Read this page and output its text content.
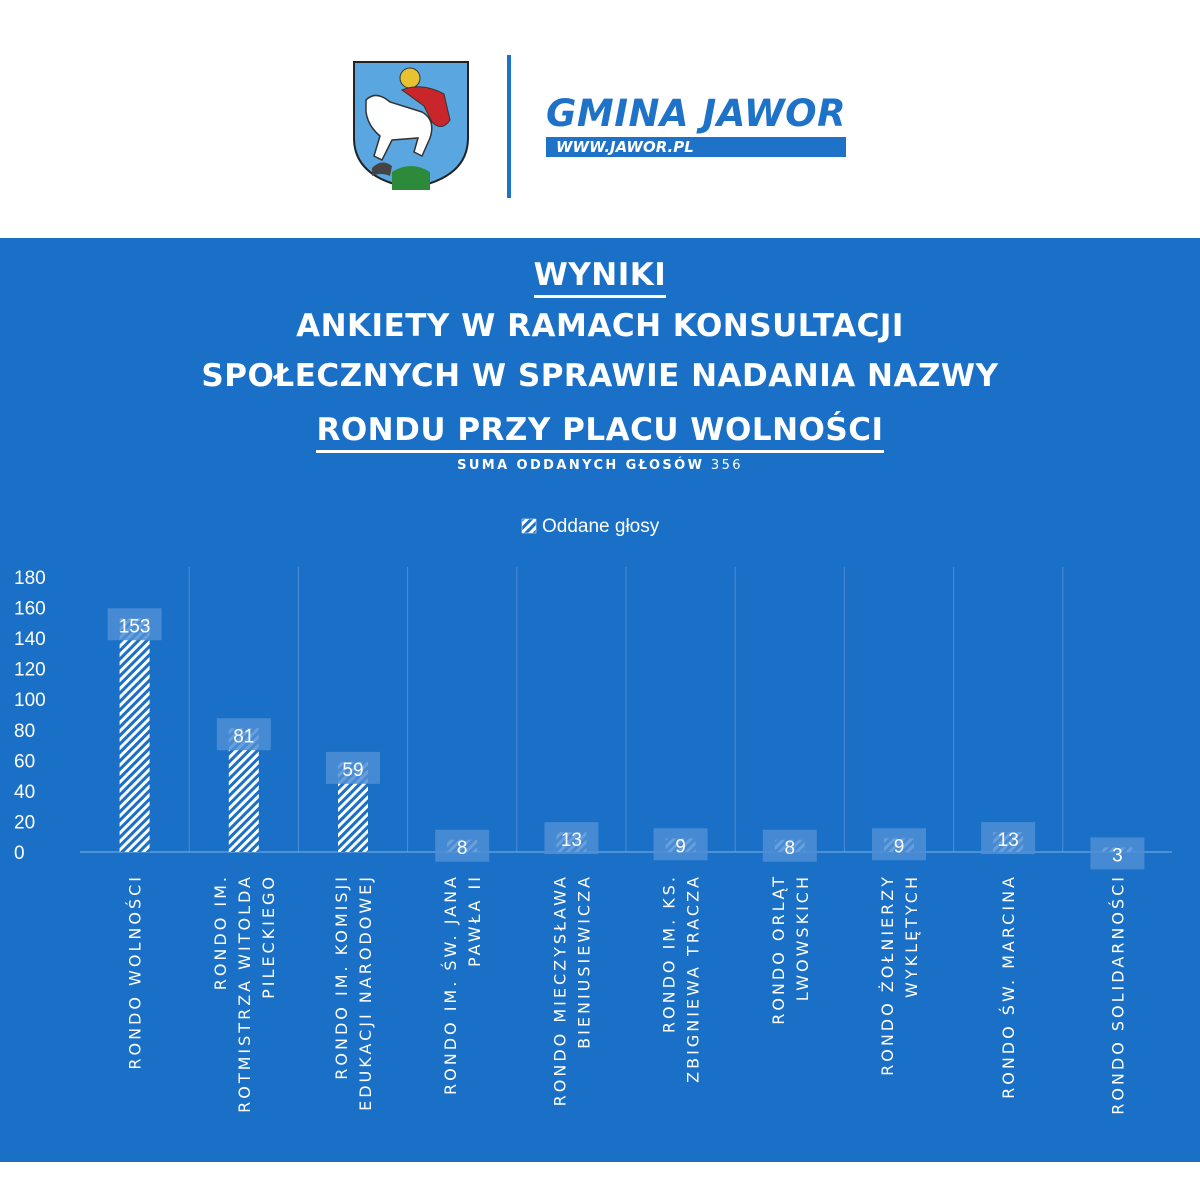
GMINA JAWOR
WWW.JAWOR.PL
WYNIKI
ANKIETY W RAMACH KONSULTACJI
SPOŁECZNYCH W SPRAWIE NADANIA NAZWY
RONDU PRZY PLACU WOLNOŚCI
SUMA ODDANYCH GŁOSÓW 356
Oddane głosy
0
20
40
60
80
100
120
140
160
180
153
81
59
8	13	9	8	9	13
3
RONDO WOLNOŚCI	RONDO IM. ROTMISTRZA WITOLDA PILECKIEGO	RONDO IM. KOMISJI EDUKACJI NARODOWEJ	RONDO IM. ŚW. JANA PAWŁA II	RONDO MIECZYSŁAWA BIENIUSIEWICZA	RONDO IM. KS. ZBIGNIEWA TRACZA	RONDO ORLĄT LWOWSKICH	RONDO ŻOŁNIERZY WYKLĘTYCH	RONDO ŚW. MARCINA	RONDO SOLIDARNOŚCI
